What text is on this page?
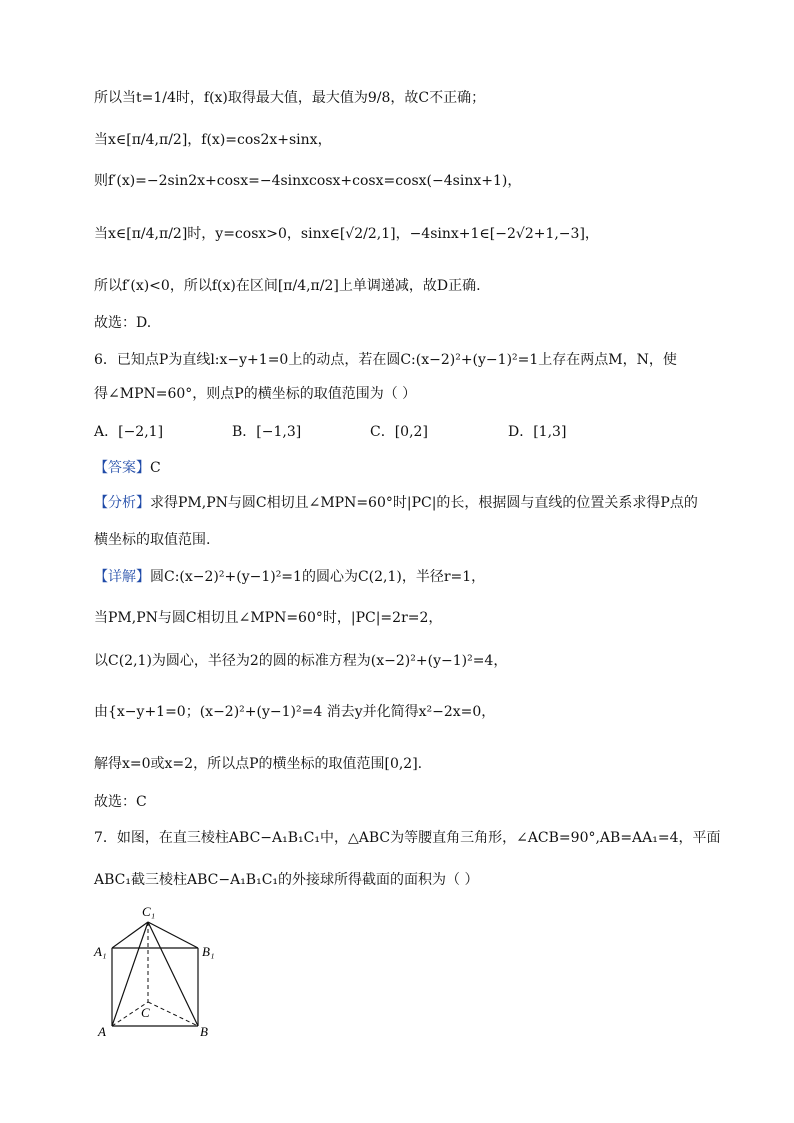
所以当t=1/4时，f(x)取得最大值，最大值为9/8，故C不正确；
当x∈[π/4,π/2]，f(x)=cos2x+sinx，
则f′(x)=−2sin2x+cosx=−4sinxcosx+cosx=cosx(−4sinx+1)，
当x∈[π/4,π/2]时，y=cosx>0，sinx∈[√2/2,1]，−4sinx+1∈[−2√2+1,−3]，
所以f′(x)<0，所以f(x)在区间[π/4,π/2]上单调递减，故D正确.
故选：D.
6．已知点P为直线l:x−y+1=0上的动点，若在圆C:(x−2)²+(y−1)²=1上存在两点M，N，使
得∠MPN=60°，则点P的横坐标的取值范围为（ ）
A．[−2,1]	B．[−1,3]	C．[0,2]	D．[1,3]
【答案】C
【分析】求得PM,PN与圆C相切且∠MPN=60°时|PC|的长，根据圆与直线的位置关系求得P点的
横坐标的取值范围.
【详解】圆C:(x−2)²+(y−1)²=1的圆心为C(2,1)，半径r=1，
当PM,PN与圆C相切且∠MPN=60°时，|PC|=2r=2，
以C(2,1)为圆心，半径为2的圆的标准方程为(x−2)²+(y−1)²=4，
由{x−y+1=0；(x−2)²+(y−1)²=4 消去y并化简得x²−2x=0，
解得x=0或x=2，所以点P的横坐标的取值范围[0,2].
故选：C
7．如图，在直三棱柱ABC−A₁B₁C₁中，△ABC为等腰直角三角形，∠ACB=90°,AB=AA₁=4，平面
ABC₁截三棱柱ABC−A₁B₁C₁的外接球所得截面的面积为（ ）
C₁
A₁	B₁
C
A	B
